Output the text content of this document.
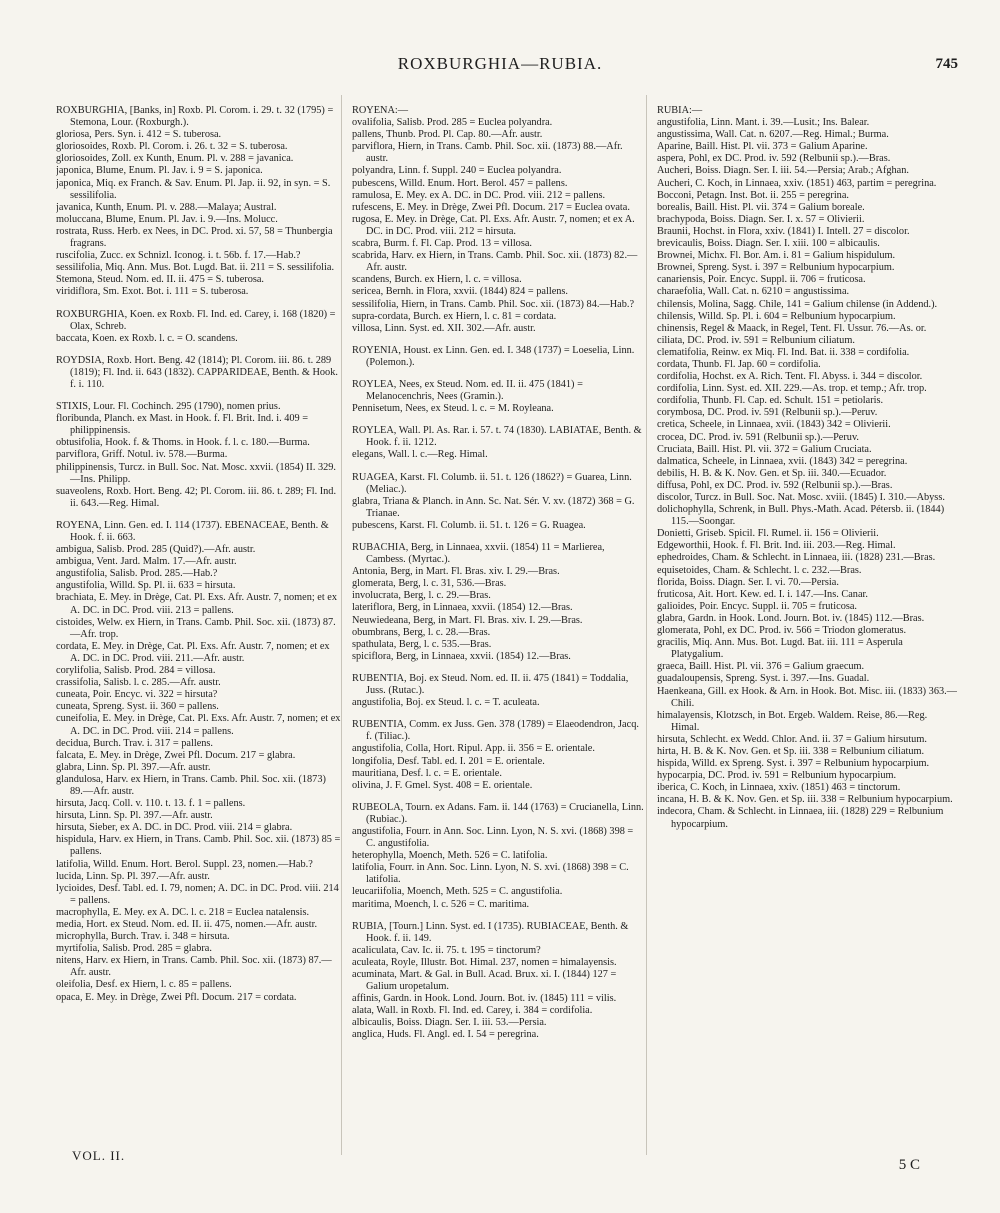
ROXBURGHIA—RUBIA.	745

ROXBURGHIA, [Banks, in] Roxb. Pl. Corom. i. 29. t. 32 (1795) = Stemona, Lour. (Roxburgh.).

gloriosa, Pers. Syn. i. 412 = S. tuberosa.

gloriosoides, Roxb. Pl. Corom. i. 26. t. 32 = S. tuberosa.

gloriosoides, Zoll. ex Kunth, Enum. Pl. v. 288 = javanica.

japonica, Blume, Enum. Pl. Jav. i. 9 = S. japonica.

japonica, Miq. ex Franch. & Sav. Enum. Pl. Jap. ii. 92, in syn. = S. sessilifolia.

javanica, Kunth, Enum. Pl. v. 288.—Malaya; Austral.

moluccana, Blume, Enum. Pl. Jav. i. 9.—Ins. Molucc.

rostrata, Russ. Herb. ex Nees, in DC. Prod. xi. 57, 58 = Thunbergia fragrans.

ruscifolia, Zucc. ex Schnizl. Iconog. i. t. 56b. f. 17.—Hab.?

sessilifolia, Miq. Ann. Mus. Bot. Lugd. Bat. ii. 211 = S. sessilifolia.

Stemona, Steud. Nom. ed. II. ii. 475 = S. tuberosa.

viridiflora, Sm. Exot. Bot. i. 111 = S. tuberosa.

ROXBURGHIA, Koen. ex Roxb. Fl. Ind. ed. Carey, i. 168 (1820) = Olax, Schreb.

baccata, Koen. ex Roxb. l. c. = O. scandens.

ROYDSIA, Roxb. Hort. Beng. 42 (1814); Pl. Corom. iii. 86. t. 289 (1819); Fl. Ind. ii. 643 (1832). CAPPARIDEAE, Benth. & Hook. f. i. 110.

STIXIS, Lour. Fl. Cochinch. 295 (1790), nomen prius.

floribunda, Planch. ex Mast. in Hook. f. Fl. Brit. Ind. i. 409 = philippinensis.

obtusifolia, Hook. f. & Thoms. in Hook. f. l. c. 180.—Burma.

parviflora, Griff. Notul. iv. 578.—Burma.

philippinensis, Turcz. in Bull. Soc. Nat. Mosc. xxvii. (1854) II. 329.—Ins. Philipp.

suaveolens, Roxb. Hort. Beng. 42; Pl. Corom. iii. 86. t. 289; Fl. Ind. ii. 643.—Reg. Himal.

ROYENA, Linn. Gen. ed. I. 114 (1737). EBENACEAE, Benth. & Hook. f. ii. 663.

ambigua, Salisb. Prod. 285 (Quid?).—Afr. austr.

ambigua, Vent. Jard. Malm. 17.—Afr. austr.

angustifolia, Salisb. Prod. 285.—Hab.?

angustifolia, Willd. Sp. Pl. ii. 633 = hirsuta.

brachiata, E. Mey. in Drège, Cat. Pl. Exs. Afr. Austr. 7, nomen; et ex A. DC. in DC. Prod. viii. 213 = pallens.

cistoides, Welw. ex Hiern, in Trans. Camb. Phil. Soc. xii. (1873) 87.—Afr. trop.

cordata, E. Mey. in Drège, Cat. Pl. Exs. Afr. Austr. 7, nomen; et ex A. DC. in DC. Prod. viii. 211.—Afr. austr.

corylifolia, Salisb. Prod. 284 = villosa.

crassifolia, Salisb. l. c. 285.—Afr. austr.

cuneata, Poir. Encyc. vi. 322 = hirsuta?

cuneata, Spreng. Syst. ii. 360 = pallens.

cuneifolia, E. Mey. in Drège, Cat. Pl. Exs. Afr. Austr. 7, nomen; et ex A. DC. in DC. Prod. viii. 214 = pallens.

decidua, Burch. Trav. i. 317 = pallens.

falcata, E. Mey. in Drège, Zwei Pfl. Docum. 217 = glabra.

glabra, Linn. Sp. Pl. 397.—Afr. austr.

glandulosa, Harv. ex Hiern, in Trans. Camb. Phil. Soc. xii. (1873) 89.—Afr. austr.

hirsuta, Jacq. Coll. v. 110. t. 13. f. 1 = pallens.

hirsuta, Linn. Sp. Pl. 397.—Afr. austr.

hirsuta, Sieber, ex A. DC. in DC. Prod. viii. 214 = glabra.

hispidula, Harv. ex Hiern, in Trans. Camb. Phil. Soc. xii. (1873) 85 = pallens.

latifolia, Willd. Enum. Hort. Berol. Suppl. 23, nomen.—Hab.?

lucida, Linn. Sp. Pl. 397.—Afr. austr.

lycioides, Desf. Tabl. ed. I. 79, nomen; A. DC. in DC. Prod. viii. 214 = pallens.

macrophylla, E. Mey. ex A. DC. l. c. 218 = Euclea natalensis.

media, Hort. ex Steud. Nom. ed. II. ii. 475, nomen.—Afr. austr.

microphylla, Burch. Trav. i. 348 = hirsuta.

myrtifolia, Salisb. Prod. 285 = glabra.

nitens, Harv. ex Hiern, in Trans. Camb. Phil. Soc. xii. (1873) 87.—Afr. austr.

oleifolia, Desf. ex Hiern, l. c. 85 = pallens.

opaca, E. Mey. in Drège, Zwei Pfl. Docum. 217 = cordata.

ROYENA:—

ovalifolia, Salisb. Prod. 285 = Euclea polyandra.

pallens, Thunb. Prod. Pl. Cap. 80.—Afr. austr.

parviflora, Hiern, in Trans. Camb. Phil. Soc. xii. (1873) 88.—Afr. austr.

polyandra, Linn. f. Suppl. 240 = Euclea polyandra.

pubescens, Willd. Enum. Hort. Berol. 457 = pallens.

ramulosa, E. Mey. ex A. DC. in DC. Prod. viii. 212 = pallens.

rufescens, E. Mey. in Drège, Zwei Pfl. Docum. 217 = Euclea ovata.

rugosa, E. Mey. in Drège, Cat. Pl. Exs. Afr. Austr. 7, nomen; et ex A. DC. in DC. Prod. viii. 212 = hirsuta.

scabra, Burm. f. Fl. Cap. Prod. 13 = villosa.

scabrida, Harv. ex Hiern, in Trans. Camb. Phil. Soc. xii. (1873) 82.—Afr. austr.

scandens, Burch. ex Hiern, l. c. = villosa.

sericea, Bernh. in Flora, xxvii. (1844) 824 = pallens.

sessilifolia, Hiern, in Trans. Camb. Phil. Soc. xii. (1873) 84.—Hab.?

supra-cordata, Burch. ex Hiern, l. c. 81 = cordata.

villosa, Linn. Syst. ed. XII. 302.—Afr. austr.

ROYENIA, Houst. ex Linn. Gen. ed. I. 348 (1737) = Loeselia, Linn. (Polemon.).

ROYLEA, Nees, ex Steud. Nom. ed. II. ii. 475 (1841) = Melanocenchris, Nees (Gramin.).

Pennisetum, Nees, ex Steud. l. c. = M. Royleana.

ROYLEA, Wall. Pl. As. Rar. i. 57. t. 74 (1830). LABIATAE, Benth. & Hook. f. ii. 1212.

elegans, Wall. l. c.—Reg. Himal.

RUAGEA, Karst. Fl. Columb. ii. 51. t. 126 (1862?) = Guarea, Linn. (Meliac.).

glabra, Triana & Planch. in Ann. Sc. Nat. Sér. V. xv. (1872) 368 = G. Trianae.

pubescens, Karst. Fl. Columb. ii. 51. t. 126 = G. Ruagea.

RUBACHIA, Berg, in Linnaea, xxvii. (1854) 11 = Marlierea, Cambess. (Myrtac.).

Antonia, Berg, in Mart. Fl. Bras. xiv. I. 29.—Bras.

glomerata, Berg, l. c. 31, 536.—Bras.

involucrata, Berg, l. c. 29.—Bras.

lateriflora, Berg, in Linnaea, xxvii. (1854) 12.—Bras.

Neuwiedeana, Berg, in Mart. Fl. Bras. xiv. I. 29.—Bras.

obumbrans, Berg, l. c. 28.—Bras.

spathulata, Berg, l. c. 535.—Bras.

spiciflora, Berg, in Linnaea, xxvii. (1854) 12.—Bras.

RUBENTIA, Boj. ex Steud. Nom. ed. II. ii. 475 (1841) = Toddalia, Juss. (Rutac.).

angustifolia, Boj. ex Steud. l. c. = T. aculeata.

RUBENTIA, Comm. ex Juss. Gen. 378 (1789) = Elaeodendron, Jacq. f. (Tiliac.).

angustifolia, Colla, Hort. Ripul. App. ii. 356 = E. orientale.

longifolia, Desf. Tabl. ed. I. 201 = E. orientale.

mauritiana, Desf. l. c. = E. orientale.

olivina, J. F. Gmel. Syst. 408 = E. orientale.

RUBEOLA, Tourn. ex Adans. Fam. ii. 144 (1763) = Crucianella, Linn. (Rubiac.).

angustifolia, Fourr. in Ann. Soc. Linn. Lyon, N. S. xvi. (1868) 398 = C. angustifolia.

heterophylla, Moench, Meth. 526 = C. latifolia.

latifolia, Fourr. in Ann. Soc. Linn. Lyon, N. S. xvi. (1868) 398 = C. latifolia.

leucariifolia, Moench, Meth. 525 = C. angustifolia.

maritima, Moench, l. c. 526 = C. maritima.

RUBIA, [Tourn.] Linn. Syst. ed. I (1735). RUBIACEAE, Benth. & Hook. f. ii. 149.

acaliculata, Cav. Ic. ii. 75. t. 195 = tinctorum?

aculeata, Royle, Illustr. Bot. Himal. 237, nomen = himalayensis.

acuminata, Mart. & Gal. in Bull. Acad. Brux. xi. I. (1844) 127 = Galium uropetalum.

affinis, Gardn. in Hook. Lond. Journ. Bot. iv. (1845) 111 = vilis.

alata, Wall. in Roxb. Fl. Ind. ed. Carey, i. 384 = cordifolia.

albicaulis, Boiss. Diagn. Ser. I. iii. 53.—Persia.

anglica, Huds. Fl. Angl. ed. I. 54 = peregrina.

RUBIA:—

angustifolia, Linn. Mant. i. 39.—Lusit.; Ins. Balear.

angustissima, Wall. Cat. n. 6207.—Reg. Himal.; Burma.

Aparine, Baill. Hist. Pl. vii. 373 = Galium Aparine.

aspera, Pohl, ex DC. Prod. iv. 592 (Relbunii sp.).—Bras.

Aucheri, Boiss. Diagn. Ser. I. iii. 54.—Persia; Arab.; Afghan.

Aucheri, C. Koch, in Linnaea, xxiv. (1851) 463, partim = peregrina.

Bocconi, Petagn. Inst. Bot. ii. 255 = peregrina.

borealis, Baill. Hist. Pl. vii. 374 = Galium boreale.

brachypoda, Boiss. Diagn. Ser. I. x. 57 = Olivierii.

Braunii, Hochst. in Flora, xxiv. (1841) I. Intell. 27 = discolor.

brevicaulis, Boiss. Diagn. Ser. I. xiii. 100 = albicaulis.

Brownei, Michx. Fl. Bor. Am. i. 81 = Galium hispidulum.

Brownei, Spreng. Syst. i. 397 = Relbunium hypocarpium.

canariensis, Poir. Encyc. Suppl. ii. 706 = fruticosa.

charaefolia, Wall. Cat. n. 6210 = angustissima.

chilensis, Molina, Sagg. Chile, 141 = Galium chilense (in Addend.).

chilensis, Willd. Sp. Pl. i. 604 = Relbunium hypocarpium.

chinensis, Regel & Maack, in Regel, Tent. Fl. Ussur. 76.—As. or.

ciliata, DC. Prod. iv. 591 = Relbunium ciliatum.

clematifolia, Reinw. ex Miq. Fl. Ind. Bat. ii. 338 = cordifolia.

cordata, Thunb. Fl. Jap. 60 = cordifolia.

cordifolia, Hochst. ex A. Rich. Tent. Fl. Abyss. i. 344 = discolor.

cordifolia, Linn. Syst. ed. XII. 229.—As. trop. et temp.; Afr. trop.

cordifolia, Thunb. Fl. Cap. ed. Schult. 151 = petiolaris.

corymbosa, DC. Prod. iv. 591 (Relbunii sp.).—Peruv.

cretica, Scheele, in Linnaea, xvii. (1843) 342 = Olivierii.

crocea, DC. Prod. iv. 591 (Relbunii sp.).—Peruv.

Cruciata, Baill. Hist. Pl. vii. 372 = Galium Cruciata.

dalmatica, Scheele, in Linnaea, xvii. (1843) 342 = peregrina.

debilis, H. B. & K. Nov. Gen. et Sp. iii. 340.—Ecuador.

diffusa, Pohl, ex DC. Prod. iv. 592 (Relbunii sp.).—Bras.

discolor, Turcz. in Bull. Soc. Nat. Mosc. xviii. (1845) I. 310.—Abyss.

dolichophylla, Schrenk, in Bull. Phys.-Math. Acad. Pétersb. ii. (1844) 115.—Soongar.

Donietti, Griseb. Spicil. Fl. Rumel. ii. 156 = Olivierii.

Edgeworthii, Hook. f. Fl. Brit. Ind. iii. 203.—Reg. Himal.

ephedroides, Cham. & Schlecht. in Linnaea, iii. (1828) 231.—Bras.

equisetoides, Cham. & Schlecht. l. c. 232.—Bras.

florida, Boiss. Diagn. Ser. I. vi. 70.—Persia.

fruticosa, Ait. Hort. Kew. ed. I. i. 147.—Ins. Canar.

galioides, Poir. Encyc. Suppl. ii. 705 = fruticosa.

glabra, Gardn. in Hook. Lond. Journ. Bot. iv. (1845) 112.—Bras.

glomerata, Pohl, ex DC. Prod. iv. 566 = Triodon glomeratus.

gracilis, Miq. Ann. Mus. Bot. Lugd. Bat. iii. 111 = Asperula Platygalium.

graeca, Baill. Hist. Pl. vii. 376 = Galium graecum.

guadaloupensis, Spreng. Syst. i. 397.—Ins. Guadal.

Haenkeana, Gill. ex Hook. & Arn. in Hook. Bot. Misc. iii. (1833) 363.—Chili.

himalayensis, Klotzsch, in Bot. Ergeb. Waldem. Reise, 86.—Reg. Himal.

hirsuta, Schlecht. ex Wedd. Chlor. And. ii. 37 = Galium hirsutum.

hirta, H. B. & K. Nov. Gen. et Sp. iii. 338 = Relbunium ciliatum.

hispida, Willd. ex Spreng. Syst. i. 397 = Relbunium hypocarpium.

hypocarpia, DC. Prod. iv. 591 = Relbunium hypocarpium.

iberica, C. Koch, in Linnaea, xxiv. (1851) 463 = tinctorum.

incana, H. B. & K. Nov. Gen. et Sp. iii. 338 = Relbunium hypocarpium.

indecora, Cham. & Schlecht. in Linnaea, iii. (1828) 229 = Relbunium hypocarpium.

VOL. II.
5 C
